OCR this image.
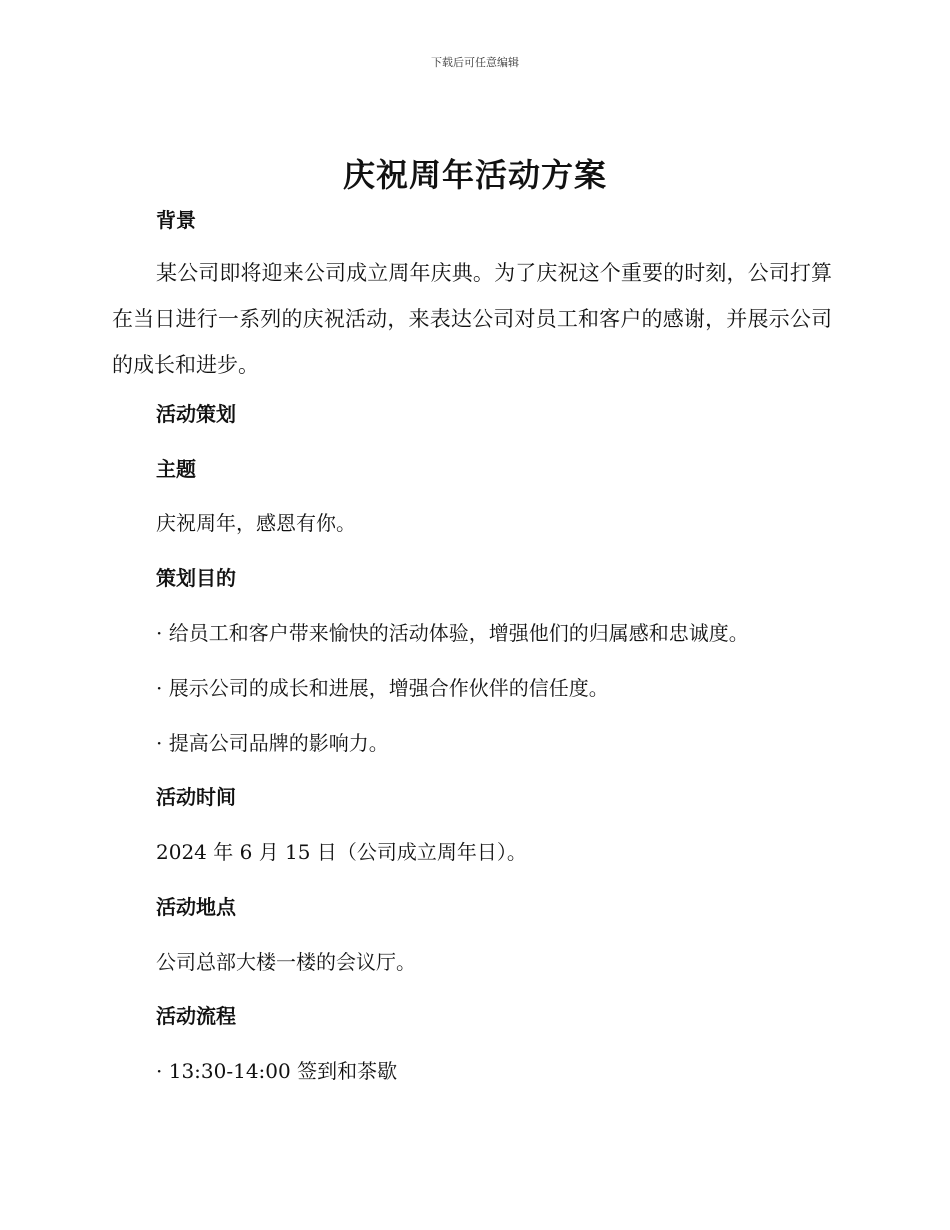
下载后可任意编辑
庆祝周年活动方案
背景

某公司即将迎来公司成立周年庆典。为了庆祝这个重要的时刻，公司打算在当日进行一系列的庆祝活动，来表达公司对员工和客户的感谢，并展示公司的成长和进步。

活动策划
主题
庆祝周年，感恩有你。
策划目的
· 给员工和客户带来愉快的活动体验，增强他们的归属感和忠诚度。
· 展示公司的成长和进展，增强合作伙伴的信任度。
· 提高公司品牌的影响力。
活动时间
2024 年 6 月 15 日（公司成立周年日）。
活动地点
公司总部大楼一楼的会议厅。
活动流程
· 13:30-14:00 签到和茶歇
